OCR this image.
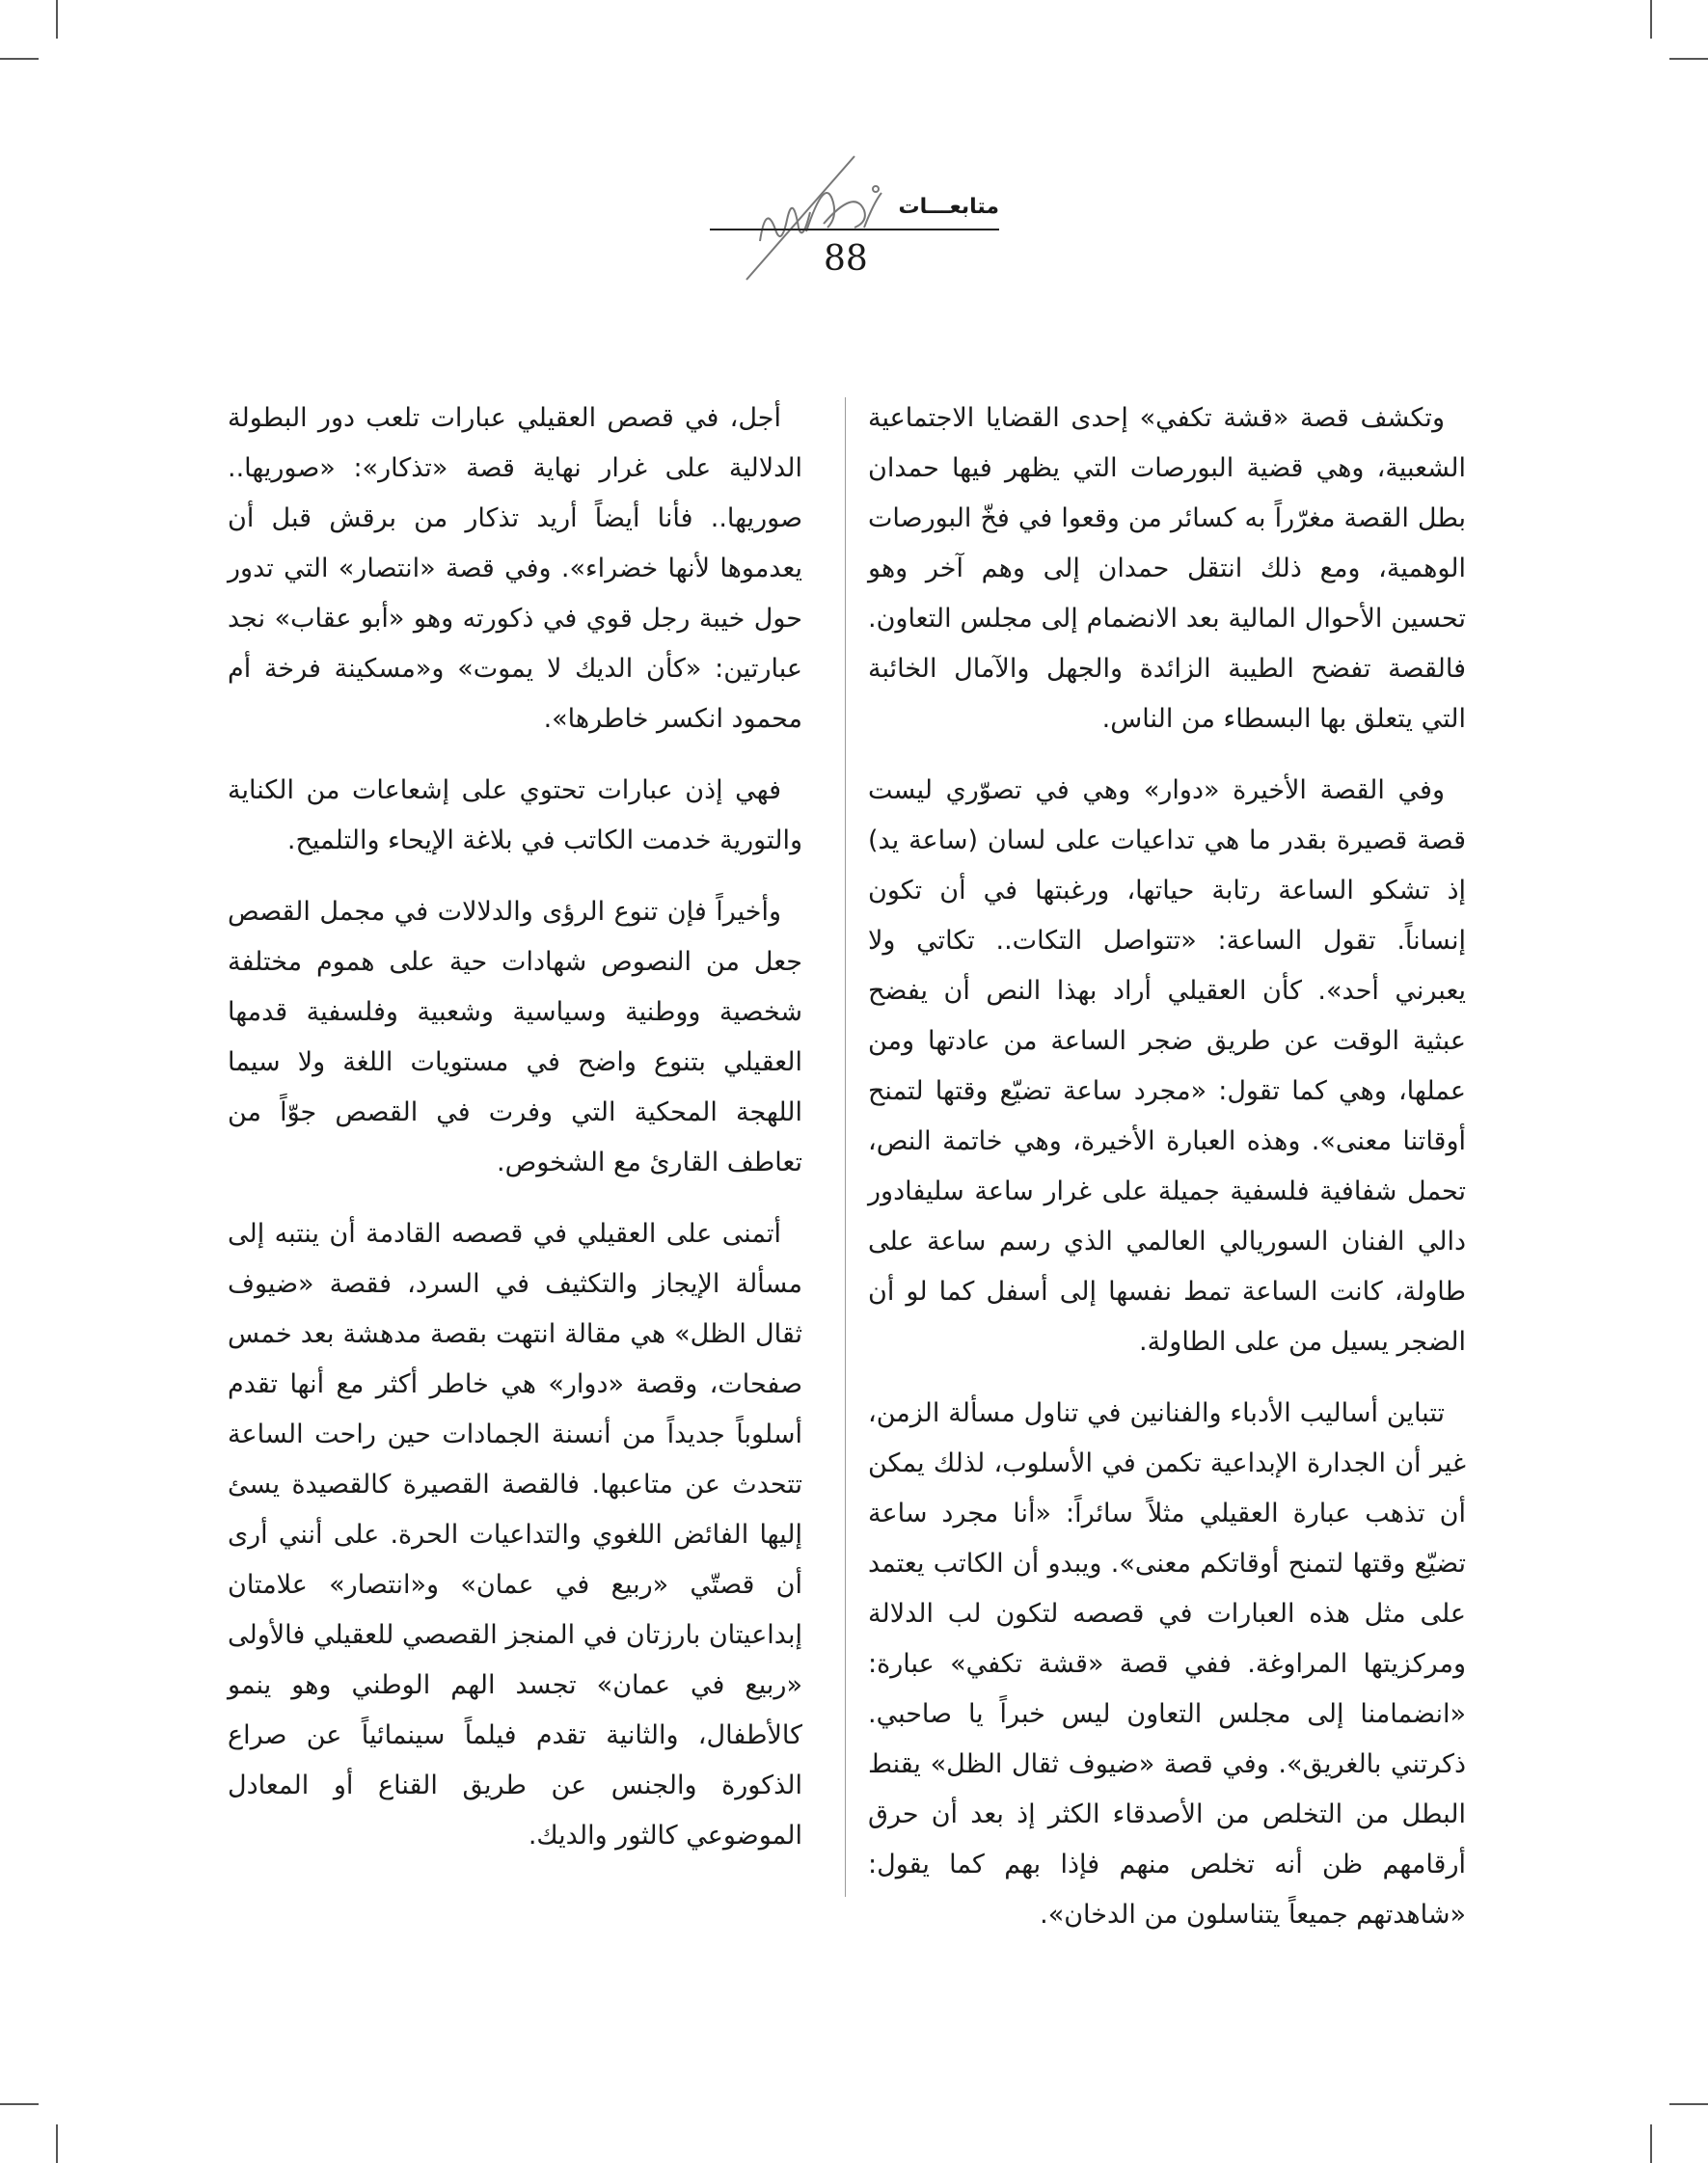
متابعـــات
88

وتكشف قصة «قشة تكفي» إحدى القضايا الاجتماعية الشعبية، وهي قضية البورصات التي يظهر فيها حمدان بطل القصة مغرّراً به كسائر من وقعوا في فخّ البورصات الوهمية، ومع ذلك انتقل حمدان إلى وهم آخر وهو تحسين الأحوال المالية بعد الانضمام إلى مجلس التعاون. فالقصة تفضح الطيبة الزائدة والجهل والآمال الخائبة التي يتعلق بها البسطاء من الناس.

وفي القصة الأخيرة «دوار» وهي في تصوّري ليست قصة قصيرة بقدر ما هي تداعيات على لسان (ساعة يد) إذ تشكو الساعة رتابة حياتها، ورغبتها في أن تكون إنساناً. تقول الساعة: «تتواصل التكات.. تكاتي ولا يعبرني أحد». كأن العقيلي أراد بهذا النص أن يفضح عبثية الوقت عن طريق ضجر الساعة من عادتها ومن عملها، وهي كما تقول: «مجرد ساعة تضيّع وقتها لتمنح أوقاتنا معنى». وهذه العبارة الأخيرة، وهي خاتمة النص، تحمل شفافية فلسفية جميلة على غرار ساعة سليفادور دالي الفنان السوريالي العالمي الذي رسم ساعة على طاولة، كانت الساعة تمط نفسها إلى أسفل كما لو أن الضجر يسيل من على الطاولة.

تتباين أساليب الأدباء والفنانين في تناول مسألة الزمن، غير أن الجدارة الإبداعية تكمن في الأسلوب، لذلك يمكن أن تذهب عبارة العقيلي مثلاً سائراً: «أنا مجرد ساعة تضيّع وقتها لتمنح أوقاتكم معنى». ويبدو أن الكاتب يعتمد على مثل هذه العبارات في قصصه لتكون لب الدلالة ومركزيتها المراوغة. ففي قصة «قشة تكفي» عبارة: «انضمامنا إلى مجلس التعاون ليس خبراً يا صاحبي. ذكرتني بالغريق». وفي قصة «ضيوف ثقال الظل» يقنط البطل من التخلص من الأصدقاء الكثر إذ بعد أن حرق أرقامهم ظن أنه تخلص منهم فإذا بهم كما يقول: «شاهدتهم جميعاً يتناسلون من الدخان».

أجل، في قصص العقيلي عبارات تلعب دور البطولة الدلالية على غرار نهاية قصة «تذكار»: «صوريها.. صوريها.. فأنا أيضاً أريد تذكار من برقش قبل أن يعدموها لأنها خضراء». وفي قصة «انتصار» التي تدور حول خيبة رجل قوي في ذكورته وهو «أبو عقاب» نجد عبارتين: «كأن الديك لا يموت» و«مسكينة فرخة أم محمود انكسر خاطرها».

فهي إذن عبارات تحتوي على إشعاعات من الكناية والتورية خدمت الكاتب في بلاغة الإيحاء والتلميح.

وأخيراً فإن تنوع الرؤى والدلالات في مجمل القصص جعل من النصوص شهادات حية على هموم مختلفة شخصية ووطنية وسياسية وشعبية وفلسفية قدمها العقيلي بتنوع واضح في مستويات اللغة ولا سيما اللهجة المحكية التي وفرت في القصص جوّاً من تعاطف القارئ مع الشخوص.

أتمنى على العقيلي في قصصه القادمة أن ينتبه إلى مسألة الإيجاز والتكثيف في السرد، فقصة «ضيوف ثقال الظل» هي مقالة انتهت بقصة مدهشة بعد خمس صفحات، وقصة «دوار» هي خاطر أكثر مع أنها تقدم أسلوباً جديداً من أنسنة الجمادات حين راحت الساعة تتحدث عن متاعبها. فالقصة القصيرة كالقصيدة يسئ إليها الفائض اللغوي والتداعيات الحرة. على أنني أرى أن قصتّي «ربيع في عمان» و«انتصار» علامتان إبداعيتان بارزتان في المنجز القصصي للعقيلي فالأولى «ربيع في عمان» تجسد الهم الوطني وهو ينمو كالأطفال، والثانية تقدم فيلماً سينمائياً عن صراع الذكورة والجنس عن طريق القناع أو المعادل الموضوعي كالثور والديك.
